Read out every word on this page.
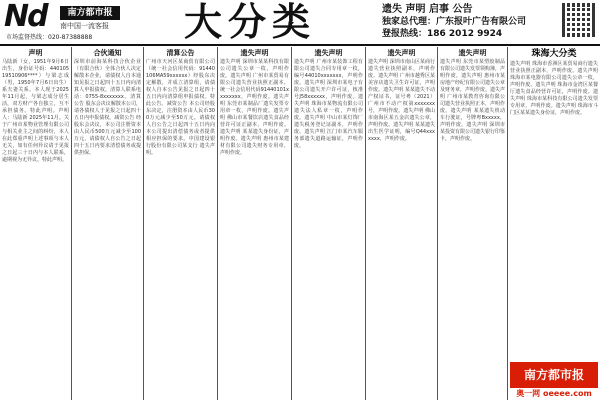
Nd	南方都市报
南中国一流客报
市场监督热线：020-87388888 大分类	遗失 声明 启事 公告
独家总代理：广东报叶广告有限公司
登报热线：186 2012 9924
声明
马陆新（女，1951年9月6日出生，身份证号码：44010519510906****）与梁志成（男，1950年7月6日出生）系夫妻关系。本人现于2025年11月起，与梁志成分居生活，双方财产各自独立，互不承担债务。特此声明。声明人：马陆新 2025年11月。关于广州市某物业管理有限公司与相关业主之间的纠纷，本人在此郑重声明上述事项与本人无关，如有任何异议请于见报之日起三十日内与本人联系，逾期视为无异议。特此声明。
合伙通知
深圳市前海某科技合伙企业（有限合伙）全体合伙人决定解散本企业，请债权人自本通知见报之日起四十五日内向清算人申报债权。清算人联系电话：0755-8xxxxxxx。清算公告 股东会决议解散本公司，请各债权人于见报之日起四十五日内申报债权。减资公告 经股东会决议，本公司注册资本由人民币500万元减少至100万元，请债权人自公告之日起四十五日内要求清偿债务或提供担保。
清算公告
广州市天河区某商贸有限公司（统一社会信用代码：91440106MA59xxxxxx）经股东决定解散，并成立清算组，请债权人自本公告见报之日起四十五日内向清算组申报债权。特此公告。减资公告 本公司经股东决定，注册资本由人民币300万元减少至50万元。请债权人自公告之日起四十五日内向本公司提出清偿债务或者提供相应担保的要求。中国建设银行股份有限公司某支行 遗失声明。
遗失声明
遗失声明 深圳市某某科技有限公司遗失公章一枚，声明作废。遗失声明 广州市某贸易有限公司遗失营业执照正副本，统一社会信用代码91440101xxxxxxxx，声明作废。遗失声明 东莞市某制品厂遗失发票专用章一枚，声明作废。遗失声明 佛山市某餐饮店遗失食品经营许可证正副本，声明作废。遗失声明 某某遗失身份证，声明作废。遗失声明 惠州市某建材有限公司遗失财务专用章，声明作废。
遗失声明
遗失声明 广州市某装饰工程有限公司遗失合同专用章一枚，编号44010xxxxxxx，声明作废。遗失声明 深圳市某电子有限公司遗失开户许可证，核准号J58xxxxxx，声明作废。遗失声明 珠海市某物流有限公司遗失法人私章一枚，声明作废。遗失声明 中山市某灯饰厂遗失税务登记证副本，声明作废。遗失声明 江门市某汽车服务部遗失道路运输证，声明作废。
遗失声明
遗失声明 深圳市南山区某商行遗失营业执照副本，声明作废。遗失声明 广州市越秀区某美容店遗失卫生许可证，声明作废。遗失声明 某某遗失不动产权证书，证号粤（2021）广州市不动产权第xxxxxxx号，声明作废。遗失声明 佛山市南海区某五金店遗失公章，声明作废。遗失声明 某某遗失出生医学证明，编号Q44xxxxxxx，声明作废。
遗失声明
遗失声明 东莞市某塑胶制品有限公司遗失发票领购簿，声明作废。遗失声明 惠州市某房地产经纪有限公司遗失公章及财务章，声明作废。遗失声明 广州市某教育咨询有限公司遗失营业执照正本，声明作废。遗失声明 某某遗失机动车行驶证，号牌粤Bxxxxx，声明作废。遗失声明 深圳市某投资有限公司遗失银行印鉴卡，声明作废。
珠海大分类
遗失声明 珠海市香洲区某贸易商行遗失营业执照正副本，声明作废。遗失声明 珠海市某电器有限公司遗失公章一枚，声明作废。遗失声明 珠海市金湾区某餐厅遗失食品经营许可证，声明作废。遗失声明 珠海市某科技有限公司遗失发票专用章，声明作废。遗失声明 珠海市斗门区某某遗失身份证，声明作废。
南方都市报
奥一网 oeeee.com
